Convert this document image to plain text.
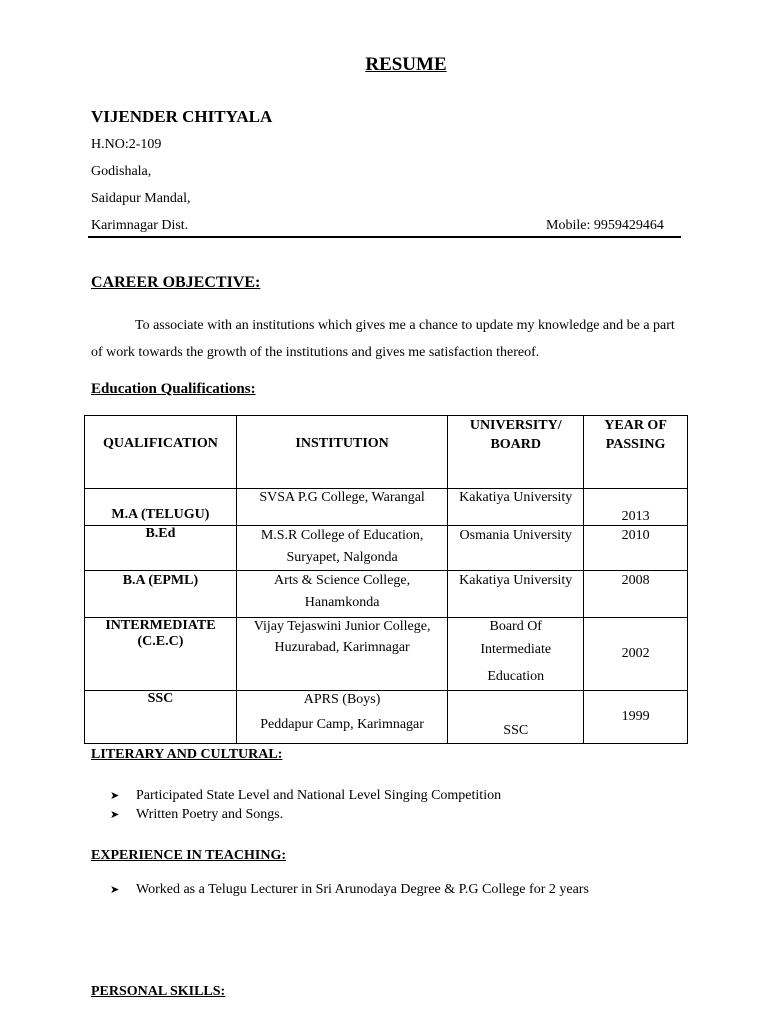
RESUME
VIJENDER CHITYALA
H.NO:2-109
Godishala,
Saidapur Mandal,
Karimnagar Dist.	Mobile: 9959429464
CAREER OBJECTIVE:
To associate with an institutions which gives me a chance to update my knowledge and be a part of work towards the growth of the institutions and gives me satisfaction thereof.
Education Qualifications:
QUALIFICATION	INSTITUTION	UNIVERSITY/ BOARD	YEAR OF PASSING
M.A (TELUGU)	SVSA P.G College, Warangal	Kakatiya University	2013
B.Ed	M.S.R College of Education,
Suryapet, Nalgonda	Osmania University	2010
B.A (EPML)	Arts & Science College,
Hanamkonda	Kakatiya University	2008
INTERMEDIATE (C.E.C)	Vijay Tejaswini Junior College,
Huzurabad, Karimnagar	Board Of
Intermediate
Education	2002
SSC	APRS (Boys)
Peddapur Camp, Karimnagar	SSC	1999
LITERARY AND CULTURAL:
➤ Participated State Level and National Level Singing Competition
➤ Written Poetry and Songs.
EXPERIENCE IN TEACHING:
➤ Worked as a Telugu Lecturer in Sri Arunodaya Degree & P.G College for 2 years
PERSONAL SKILLS:
